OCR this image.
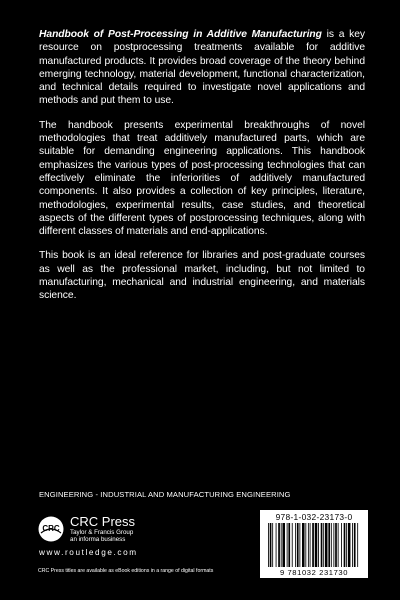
Handbook of Post-Processing in Additive Manufacturing is a key resource on postprocessing treatments available for additive manufactured products. It provides broad coverage of the theory behind emerging technology, material development, functional characterization, and technical details required to investigate novel applications and methods and put them to use.

The handbook presents experimental breakthroughs of novel methodologies that treat additively manufactured parts, which are suitable for demanding engineering applications. This handbook emphasizes the various types of post-processing technologies that can effectively eliminate the inferiorities of additively manufactured components. It also provides a collection of key principles, literature, methodologies, experimental results, case studies, and theoretical aspects of the different types of postprocessing techniques, along with different classes of materials and end-applications.

This book is an ideal reference for libraries and post-graduate courses as well as the professional market, including, but not limited to manufacturing, mechanical and industrial engineering, and materials science.

ENGINEERING - INDUSTRIAL AND MANUFACTURING ENGINEERING
CRC CRC Press
Taylor & Francis Group
an informa business
www.routledge.com
CRC Press titles are available as eBook editions in a range of digital formats
978-1-032-23173-0
9 781032 231730
